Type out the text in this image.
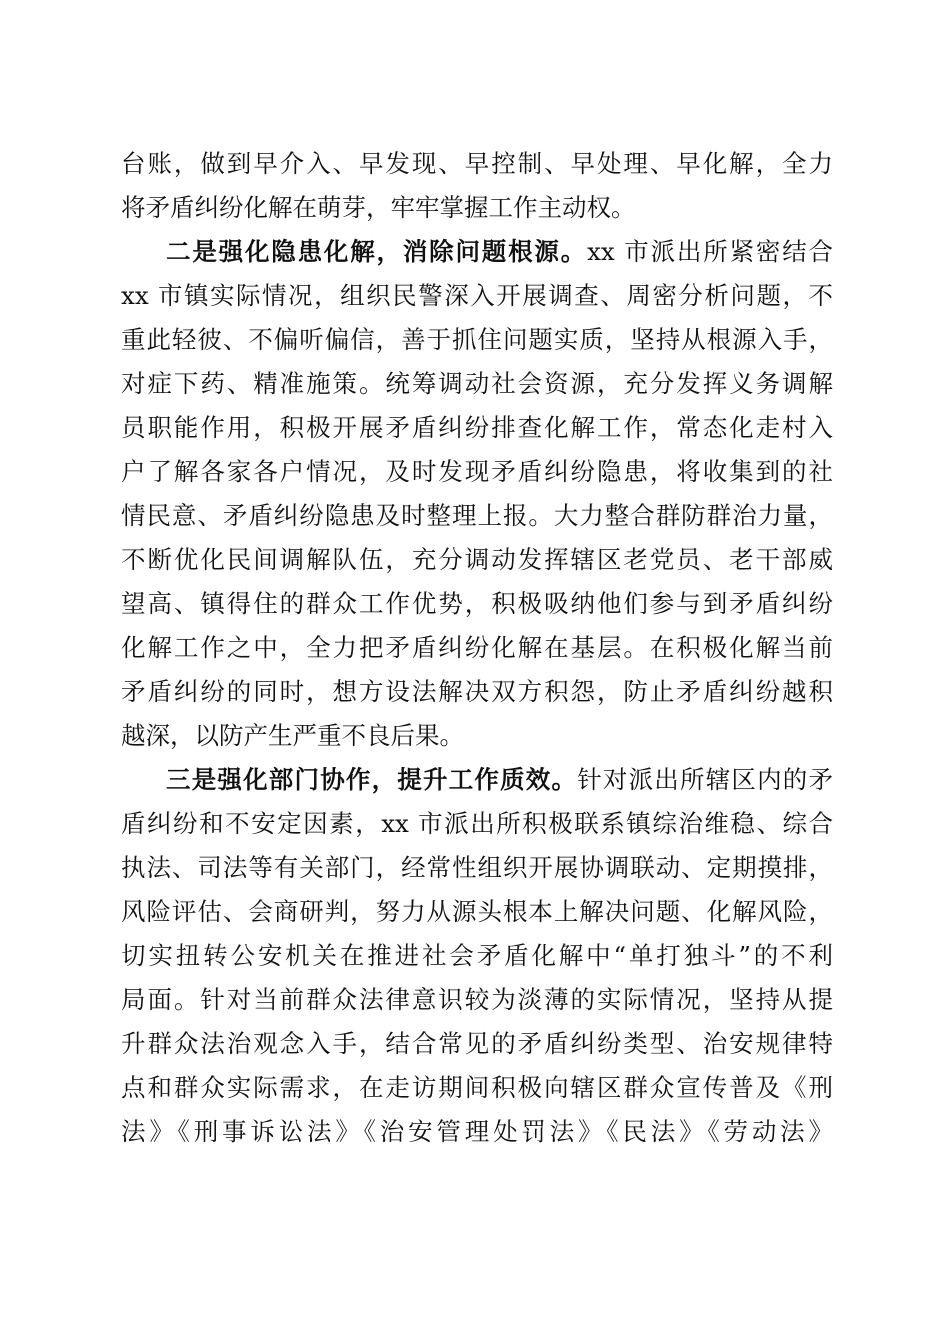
台账，做到早介入、早发现、早控制、早处理、早化解，全力

将矛盾纠纷化解在萌芽，牢牢掌握工作主动权。

二是强化隐患化解，消除问题根源。xx 市派出所紧密结合

xx 市镇实际情况，组织民警深入开展调查、周密分析问题，不

重此轻彼、不偏听偏信，善于抓住问题实质，坚持从根源入手，

对症下药、精准施策。统筹调动社会资源，充分发挥义务调解

员职能作用，积极开展矛盾纠纷排查化解工作，常态化走村入

户了解各家各户情况，及时发现矛盾纠纷隐患，将收集到的社

情民意、矛盾纠纷隐患及时整理上报。大力整合群防群治力量，

不断优化民间调解队伍，充分调动发挥辖区老党员、老干部威

望高、镇得住的群众工作优势，积极吸纳他们参与到矛盾纠纷

化解工作之中，全力把矛盾纠纷化解在基层。在积极化解当前

矛盾纠纷的同时，想方设法解决双方积怨，防止矛盾纠纷越积

越深，以防产生严重不良后果。

三是强化部门协作，提升工作质效。针对派出所辖区内的矛

盾纠纷和不安定因素，xx 市派出所积极联系镇综治维稳、综合

执法、司法等有关部门，经常性组织开展协调联动、定期摸排，

风险评估、会商研判，努力从源头根本上解决问题、化解风险，

切实扭转公安机关在推进社会矛盾化解中“单打独斗”的不利

局面。针对当前群众法律意识较为淡薄的实际情况，坚持从提

升群众法治观念入手，结合常见的矛盾纠纷类型、治安规律特

点和群众实际需求，在走访期间积极向辖区群众宣传普及《刑

法》《刑事诉讼法》《治安管理处罚法》《民法》《劳动法》
